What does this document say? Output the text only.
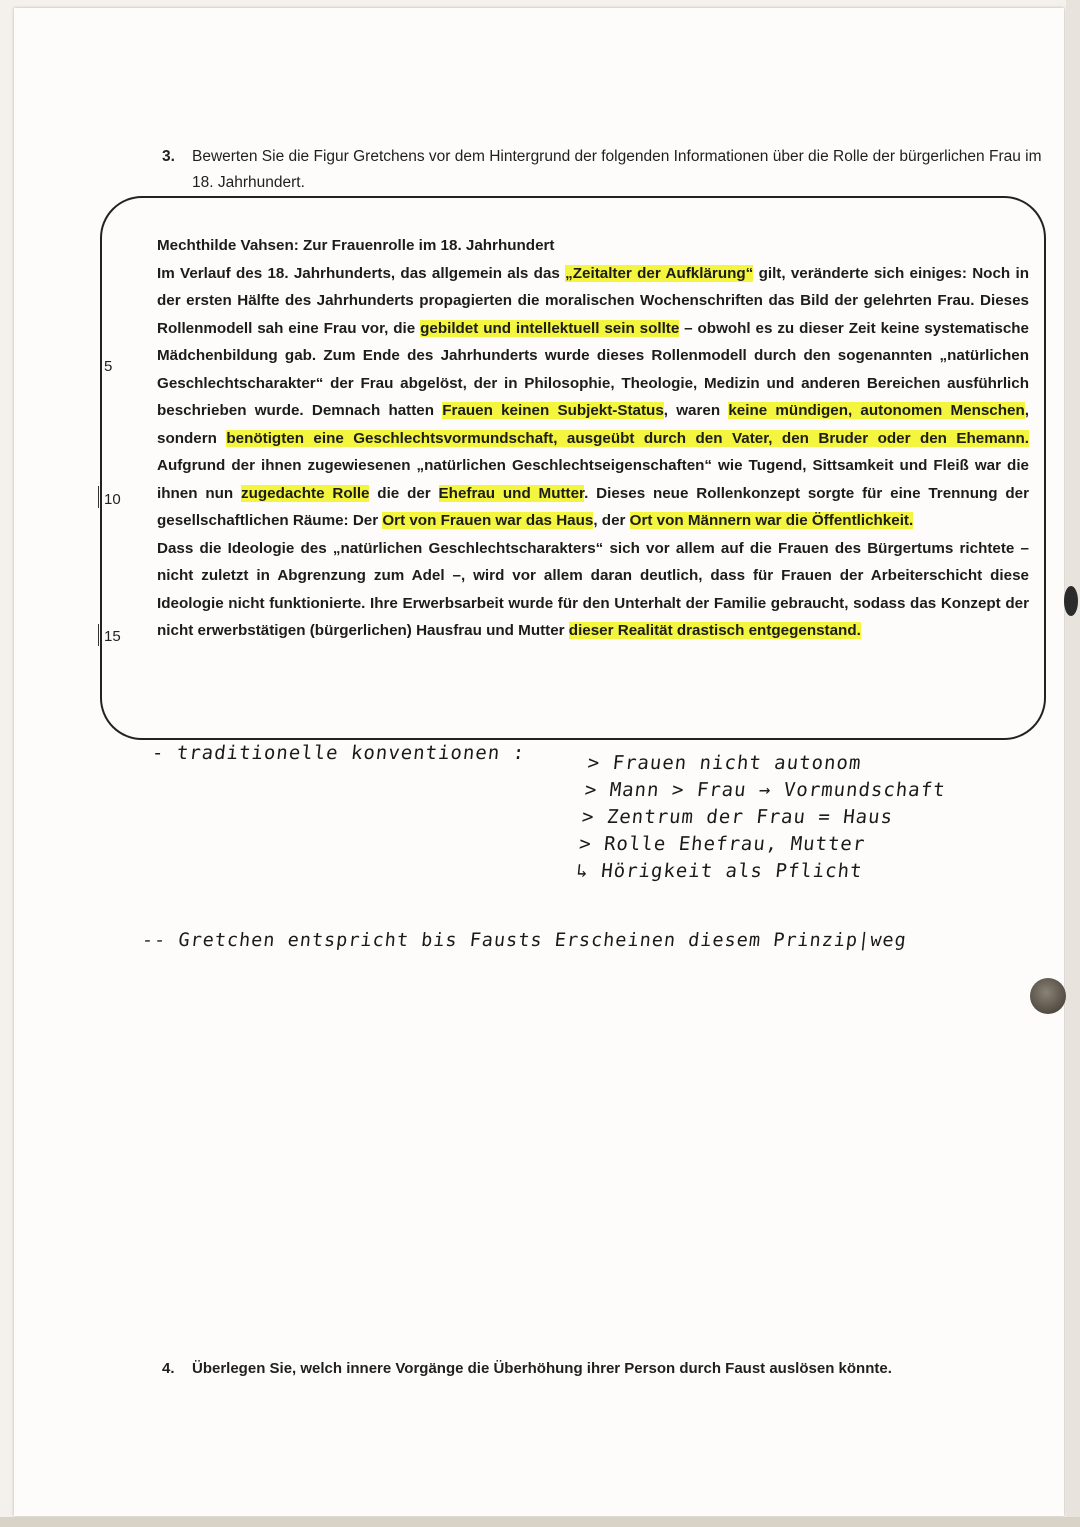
3. Bewerten Sie die Figur Gretchens vor dem Hintergrund der folgenden Informationen über die Rolle der bürgerlichen Frau im 18. Jahrhundert.
5
10
15
Mechthilde Vahsen: Zur Frauenrolle im 18. Jahrhundert

Im Verlauf des 18. Jahrhunderts, das allgemein als das „Zeitalter der Aufklärung“ gilt, veränderte sich einiges: Noch in der ersten Hälfte des Jahrhunderts propagierten die moralischen Wochenschriften das Bild der gelehrten Frau. Dieses Rollenmodell sah eine Frau vor, die gebildet und intellektuell sein sollte – obwohl es zu dieser Zeit keine systematische Mädchenbildung gab. Zum Ende des Jahrhunderts wurde dieses Rollenmodell durch den sogenannten „natürlichen Geschlechtscharakter“ der Frau abgelöst, der in Philosophie, Theologie, Medizin und anderen Bereichen ausführlich beschrieben wurde. Demnach hatten Frauen keinen Subjekt-Status, waren keine mündigen, autonomen Menschen, sondern benötigten eine Geschlechtsvormundschaft, ausgeübt durch den Vater, den Bruder oder den Ehemann. Aufgrund der ihnen zugewiesenen „natürlichen Geschlechtseigenschaften“ wie Tugend, Sittsamkeit und Fleiß war die ihnen nun zugedachte Rolle die der Ehefrau und Mutter. Dieses neue Rollenkonzept sorgte für eine Trennung der gesellschaftlichen Räume: Der Ort von Frauen war das Haus, der Ort von Männern war die Öffentlichkeit.

Dass die Ideologie des „natürlichen Geschlechtscharakters“ sich vor allem auf die Frauen des Bürgertums richtete – nicht zuletzt in Abgrenzung zum Adel –, wird vor allem daran deutlich, dass für Frauen der Arbeiterschicht diese Ideologie nicht funktionierte. Ihre Erwerbsarbeit wurde für den Unterhalt der Familie gebraucht, sodass das Konzept der nicht erwerbstätigen (bürgerlichen) Hausfrau und Mutter dieser Realität drastisch entgegenstand.

- traditionelle konventionen :	> Frauen nicht autonom
> Mann > Frau → Vormundschaft
> Zentrum der Frau = Haus
> Rolle Ehefrau, Mutter
↳ Hörigkeit als Pflicht
-- Gretchen entspricht bis Fausts Erscheinen diesem Prinzip|weg
4. Überlegen Sie, welch innere Vorgänge die Überhöhung ihrer Person durch Faust auslösen könnte.
